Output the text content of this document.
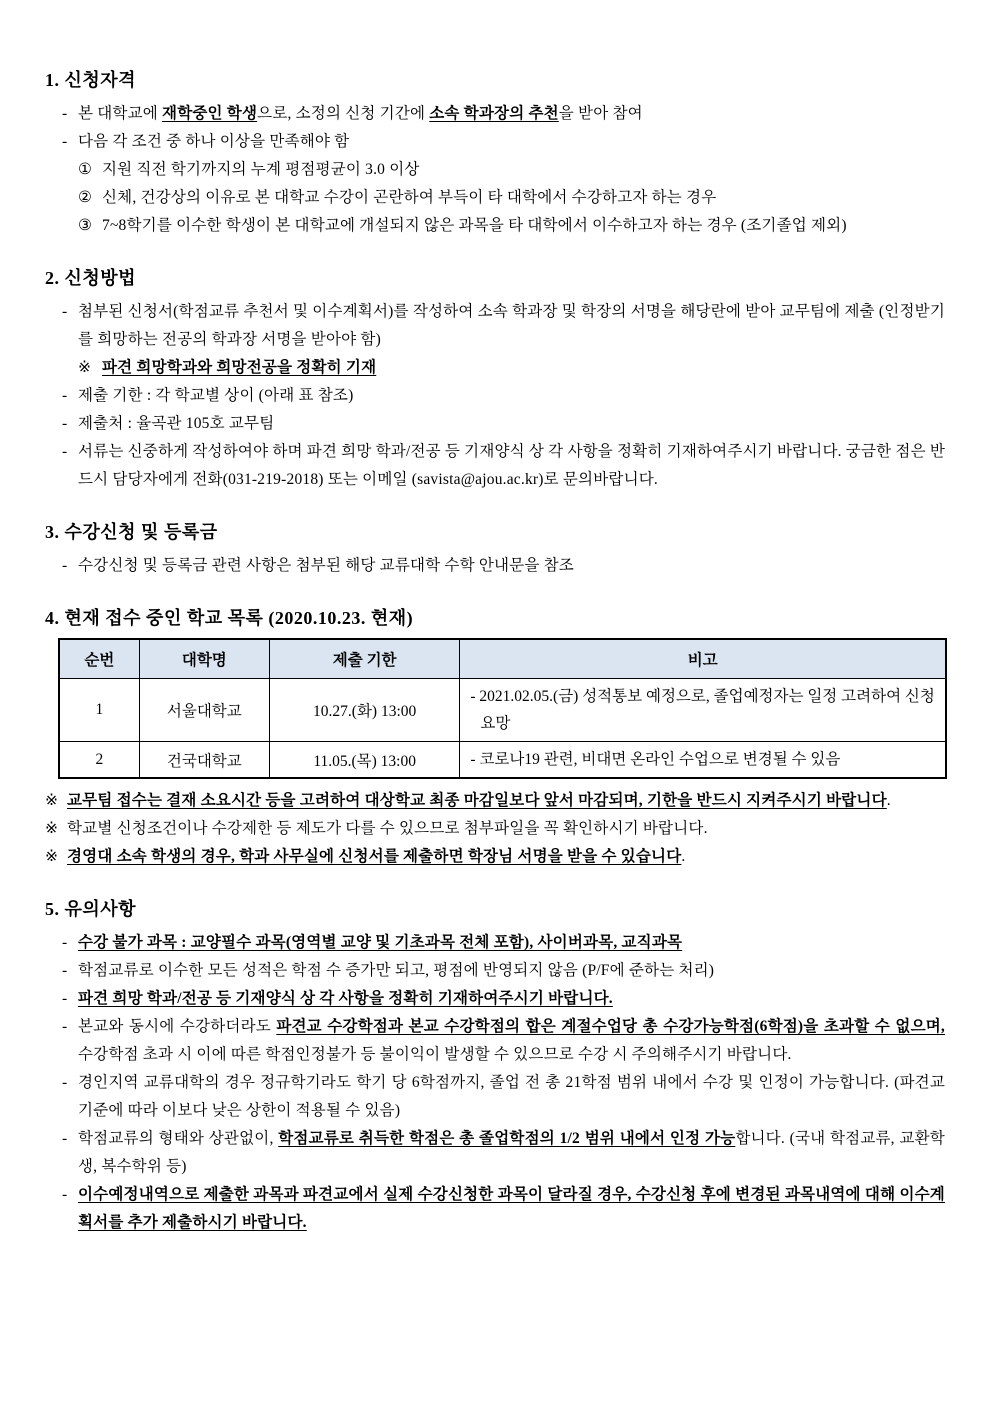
1. 신청자격
- 본 대학교에 재학중인 학생으로, 소정의 신청 기간에 소속 학과장의 추천을 받아 참여
- 다음 각 조건 중 하나 이상을 만족해야 함
① 지원 직전 학기까지의 누계 평점평균이 3.0 이상
② 신체, 건강상의 이유로 본 대학교 수강이 곤란하여 부득이 타 대학에서 수강하고자 하는 경우
③ 7~8학기를 이수한 학생이 본 대학교에 개설되지 않은 과목을 타 대학에서 이수하고자 하는 경우 (조기졸업 제외)
2. 신청방법
- 첨부된 신청서(학점교류 추천서 및 이수계획서)를 작성하여 소속 학과장 및 학장의 서명을 해당란에 받아 교무팀에 제출 (인정받기를 희망하는 전공의 학과장 서명을 받아야 함)
※ 파견 희망학과와 희망전공을 정확히 기재
- 제출 기한 : 각 학교별 상이 (아래 표 참조)
- 제출처 : 율곡관 105호 교무팀
- 서류는 신중하게 작성하여야 하며 파견 희망 학과/전공 등 기재양식 상 각 사항을 정확히 기재하여주시기 바랍니다. 궁금한 점은 반드시 담당자에게 전화(031-219-2018) 또는 이메일 (savista@ajou.ac.kr)로 문의바랍니다.
3. 수강신청 및 등록금
- 수강신청 및 등록금 관련 사항은 첨부된 해당 교류대학 수학 안내문을 참조
4. 현재 접수 중인 학교 목록 (2020.10.23. 현재)
순번	대학명	제출 기한	비고
1	서울대학교	10.27.(화) 13:00	- 2021.02.05.(금) 성적통보 예정으로, 졸업예정자는 일정 고려하여 신청 요망
2	건국대학교	11.05.(목) 13:00	- 코로나19 관련, 비대면 온라인 수업으로 변경될 수 있음
※ 교무팀 접수는 결재 소요시간 등을 고려하여 대상학교 최종 마감일보다 앞서 마감되며, 기한을 반드시 지켜주시기 바랍니다.
※ 학교별 신청조건이나 수강제한 등 제도가 다를 수 있으므로 첨부파일을 꼭 확인하시기 바랍니다.
※ 경영대 소속 학생의 경우, 학과 사무실에 신청서를 제출하면 학장님 서명을 받을 수 있습니다.
5. 유의사항
- 수강 불가 과목 : 교양필수 과목(영역별 교양 및 기초과목 전체 포함), 사이버과목, 교직과목
- 학점교류로 이수한 모든 성적은 학점 수 증가만 되고, 평점에 반영되지 않음 (P/F에 준하는 처리)
- 파견 희망 학과/전공 등 기재양식 상 각 사항을 정확히 기재하여주시기 바랍니다.
- 본교와 동시에 수강하더라도 파견교 수강학점과 본교 수강학점의 합은 계절수업당 총 수강가능학점(6학점)을 초과할 수 없으며, 수강학점 초과 시 이에 따른 학점인정불가 등 불이익이 발생할 수 있으므로 수강 시 주의해주시기 바랍니다.
- 경인지역 교류대학의 경우 정규학기라도 학기 당 6학점까지, 졸업 전 총 21학점 범위 내에서 수강 및 인정이 가능합니다. (파견교 기준에 따라 이보다 낮은 상한이 적용될 수 있음)
- 학점교류의 형태와 상관없이, 학점교류로 취득한 학점은 총 졸업학점의 1/2 범위 내에서 인정 가능합니다. (국내 학점교류, 교환학생, 복수학위 등)
- 이수예정내역으로 제출한 과목과 파견교에서 실제 수강신청한 과목이 달라질 경우, 수강신청 후에 변경된 과목내역에 대해 이수계획서를 추가 제출하시기 바랍니다.
